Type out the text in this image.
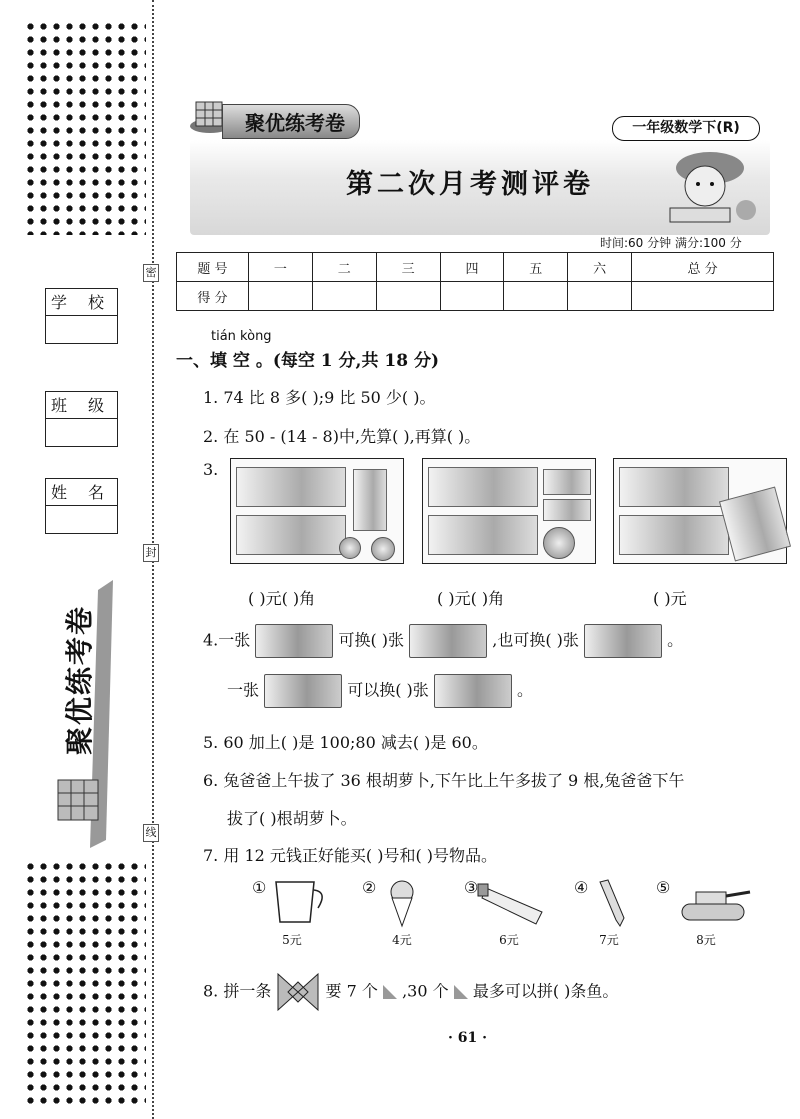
密
封
线
学 校
班 级
姓 名
聚优练考卷
聚优练考卷	一年级数学下(R)
第二次月考测评卷
时间:60 分钟 满分:100 分
题 号	一	二	三	四	五	六	总 分
得 分							
tián kòng
一、填 空 。(每空 1 分,共 18 分)
1. 74 比 8 多( );9 比 50 少( )。
2. 在 50 - (14 - 8)中,先算( ),再算( )。
3.
( )元( )角	( )元( )角	( )元
4.一张	可换( )张	,也可换( )张	。
一张	可以换( )张	。
5. 60 加上( )是 100;80 减去( )是 60。
6. 兔爸爸上午拔了 36 根胡萝卜,下午比上午多拔了 9 根,兔爸爸下午
拔了( )根胡萝卜。
7. 用 12 元钱正好能买( )号和( )号物品。
①
5元
②
4元
③
6元
④
7元
⑤
8元
8. 拼一条	要 7 个 ,30 个 最多可以拼( )条鱼。
· 61 ·
